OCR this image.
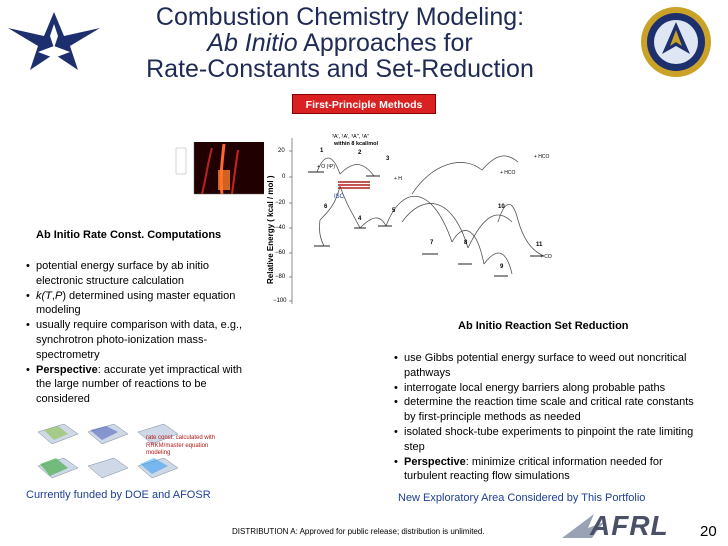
Combustion Chemistry Modeling:
Ab Initio Approaches for
Rate-Constants and Set-Reduction
First-Principle Methods
Relative Energy ( kcal / mol )
20
0
−20
−40
−60
−80
−100
³A', ¹A', ³A", ¹A"
within 8 kcal/mol
ISC
+ O (³P)
+ H
+ CO
+ HCO
+ HCO
1	2
3
4
5
6
7	8
9
10
11
Ab Initio Rate Const. Computations
• potential energy surface by ab initio electronic structure calculation
• k(T,P) determined using master equation modeling
• usually require comparison with data, e.g., synchrotron photo-ionization mass-spectrometry
• Perspective: accurate yet impractical with the large number of reactions to be considered
rate const. calculated with RRKM/master equation modeling
Currently funded by DOE and AFOSR
Ab Initio Reaction Set Reduction
• use Gibbs potential energy surface to weed out noncritical pathways
• interrogate local energy barriers along probable paths
• determine the reaction time scale and critical rate constants by first-principle methods as needed
• isolated shock-tube experiments to pinpoint the rate limiting step
• Perspective: minimize critical information needed for turbulent reacting flow simulations
New Exploratory Area Considered by This Portfolio
DISTRIBUTION A: Approved for public release; distribution is unlimited.	AFRL 20
